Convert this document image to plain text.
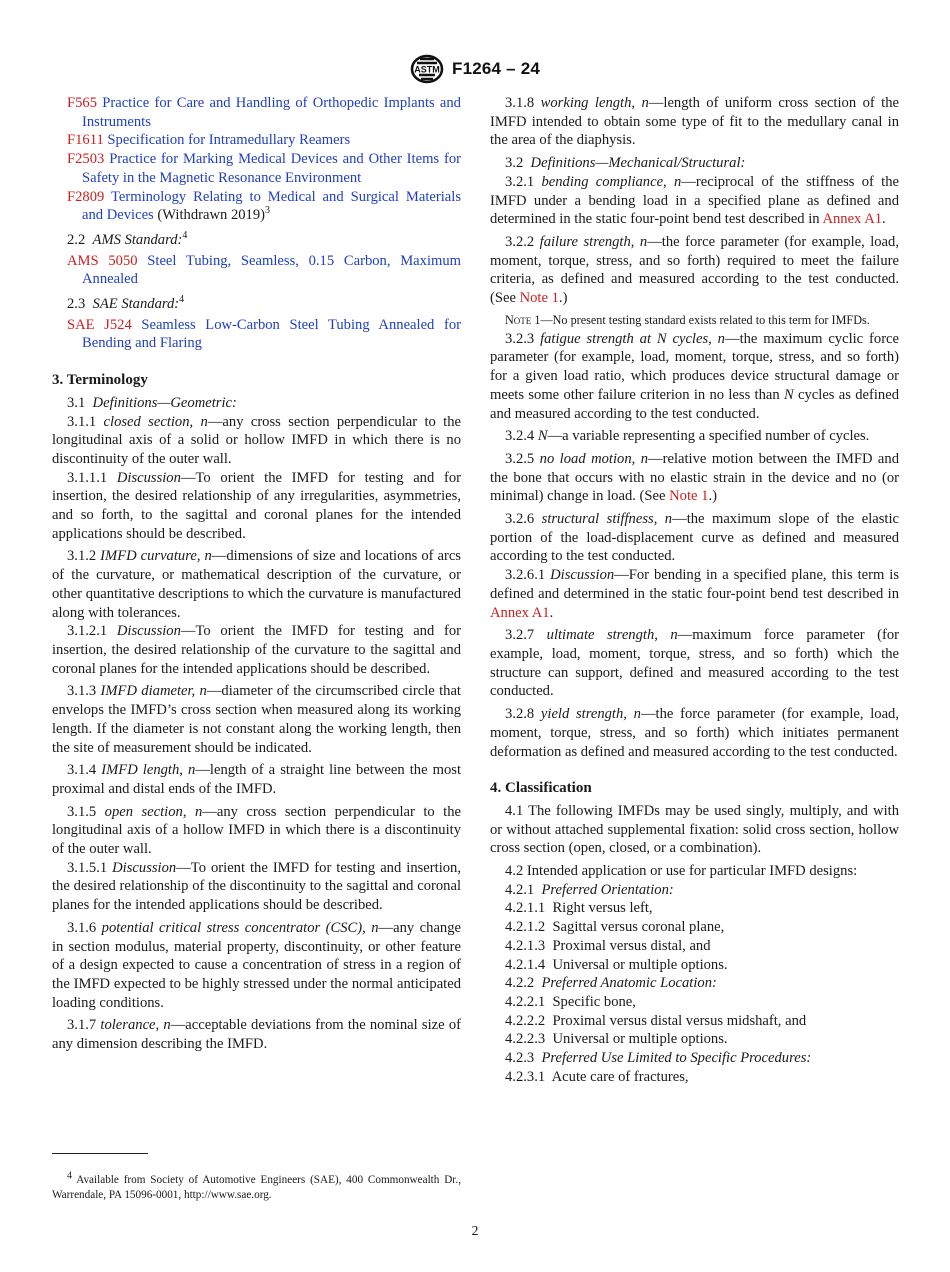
ASTM F1264 – 24

F565 Practice for Care and Handling of Orthopedic Implants and Instruments

F1611 Specification for Intramedullary Reamers

F2503 Practice for Marking Medical Devices and Other Items for Safety in the Magnetic Resonance Environment

F2809 Terminology Relating to Medical and Surgical Materials and Devices (Withdrawn 2019)$^3$

2.2 AMS Standard:$^4$

AMS 5050 Steel Tubing, Seamless, 0.15 Carbon, Maximum Annealed

2.3 SAE Standard:$^4$

SAE J524 Seamless Low-Carbon Steel Tubing Annealed for Bending and Flaring

3. Terminology

3.1 Definitions—Geometric:

3.1.1 closed section, n—any cross section perpendicular to the longitudinal axis of a solid or hollow IMFD in which there is no discontinuity of the outer wall.

3.1.1.1 Discussion—To orient the IMFD for testing and for insertion, the desired relationship of any irregularities, asymmetries, and so forth, to the sagittal and coronal planes for the intended applications should be described.

3.1.2 IMFD curvature, n—dimensions of size and locations of arcs of the curvature, or mathematical description of the curvature, or other quantitative descriptions to which the curvature is manufactured along with tolerances.

3.1.2.1 Discussion—To orient the IMFD for testing and for insertion, the desired relationship of the curvature to the sagittal and coronal planes for the intended applications should be described.

3.1.3 IMFD diameter, n—diameter of the circumscribed circle that envelops the IMFD’s cross section when measured along its working length. If the diameter is not constant along the working length, then the site of measurement should be indicated.

3.1.4 IMFD length, n—length of a straight line between the most proximal and distal ends of the IMFD.

3.1.5 open section, n—any cross section perpendicular to the longitudinal axis of a hollow IMFD in which there is a discontinuity of the outer wall.

3.1.5.1 Discussion—To orient the IMFD for testing and insertion, the desired relationship of the discontinuity to the sagittal and coronal planes for the intended applications should be described.

3.1.6 potential critical stress concentrator (CSC), n—any change in section modulus, material property, discontinuity, or other feature of a design expected to cause a concentration of stress in a region of the IMFD expected to be highly stressed under the normal anticipated loading conditions.

3.1.7 tolerance, n—acceptable deviations from the nominal size of any dimension describing the IMFD.

3.1.8 working length, n—length of uniform cross section of the IMFD intended to obtain some type of fit to the medullary canal in the area of the diaphysis.

3.2 Definitions—Mechanical/Structural:

3.2.1 bending compliance, n—reciprocal of the stiffness of the IMFD under a bending load in a specified plane as defined and determined in the static four-point bend test described in Annex A1.

3.2.2 failure strength, n—the force parameter (for example, load, moment, torque, stress, and so forth) required to meet the failure criteria, as defined and measured according to the test conducted. (See Note 1.)

Note 1—No present testing standard exists related to this term for IMFDs.

3.2.3 fatigue strength at N cycles, n—the maximum cyclic force parameter (for example, load, moment, torque, stress, and so forth) for a given load ratio, which produces device structural damage or meets some other failure criterion in no less than N cycles as defined and measured according to the test conducted.

3.2.4 N—a variable representing a specified number of cycles.

3.2.5 no load motion, n—relative motion between the IMFD and the bone that occurs with no elastic strain in the device and no (or minimal) change in load. (See Note 1.)

3.2.6 structural stiffness, n—the maximum slope of the elastic portion of the load-displacement curve as defined and measured according to the test conducted.

3.2.6.1 Discussion—For bending in a specified plane, this term is defined and determined in the static four-point bend test described in Annex A1.

3.2.7 ultimate strength, n—maximum force parameter (for example, load, moment, torque, stress, and so forth) which the structure can support, defined and measured according to the test conducted.

3.2.8 yield strength, n—the force parameter (for example, load, moment, torque, stress, and so forth) which initiates permanent deformation as defined and measured according to the test conducted.

4. Classification

4.1 The following IMFDs may be used singly, multiply, and with or without attached supplemental fixation: solid cross section, hollow cross section (open, closed, or a combination).

4.2 Intended application or use for particular IMFD designs:

4.2.1 Preferred Orientation:

4.2.1.1 Right versus left,

4.2.1.2 Sagittal versus coronal plane,

4.2.1.3 Proximal versus distal, and

4.2.1.4 Universal or multiple options.

4.2.2 Preferred Anatomic Location:

4.2.2.1 Specific bone,

4.2.2.2 Proximal versus distal versus midshaft, and

4.2.2.3 Universal or multiple options.

4.2.3 Preferred Use Limited to Specific Procedures:

4.2.3.1 Acute care of fractures,

$^4$ Available from Society of Automotive Engineers (SAE), 400 Commonwealth Dr., Warrendale, PA 15096-0001, http://www.sae.org.

2
